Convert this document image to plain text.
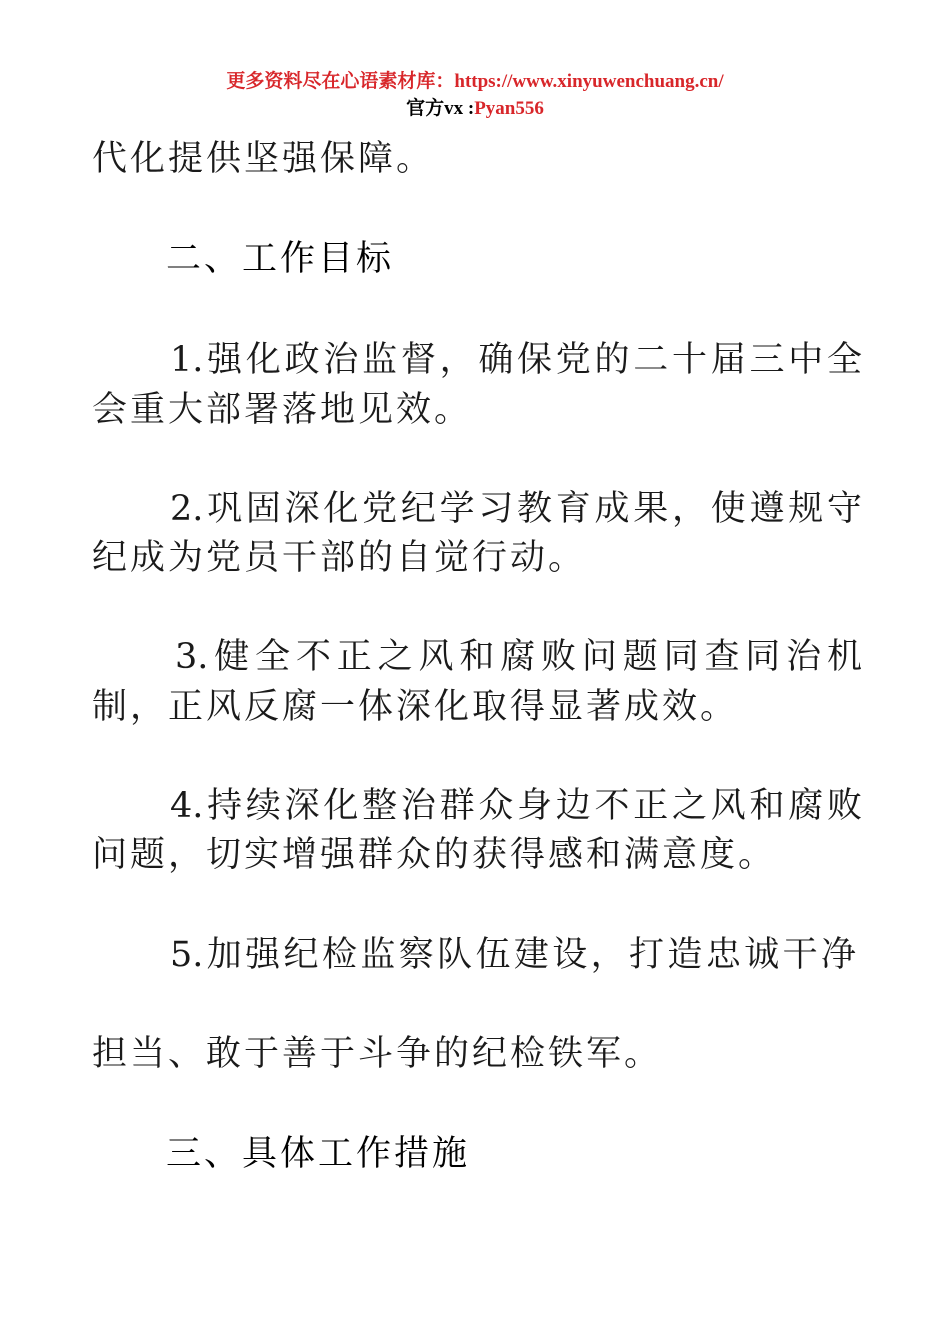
更多资料尽在心语素材库：https://www.xinyuwenchuang.cn/
官方vx :Pyan556
代化提供坚强保障。
二、工作目标
1.强化政治监督，确保党的二十届三中全
会重大部署落地见效。
2.巩固深化党纪学习教育成果，使遵规守
纪成为党员干部的自觉行动。
3.健全不正之风和腐败问题同查同治机
制，正风反腐一体深化取得显著成效。
4.持续深化整治群众身边不正之风和腐败
问题，切实增强群众的获得感和满意度。
5.加强纪检监察队伍建设，打造忠诚干净
担当、敢于善于斗争的纪检铁军。
三、具体工作措施
